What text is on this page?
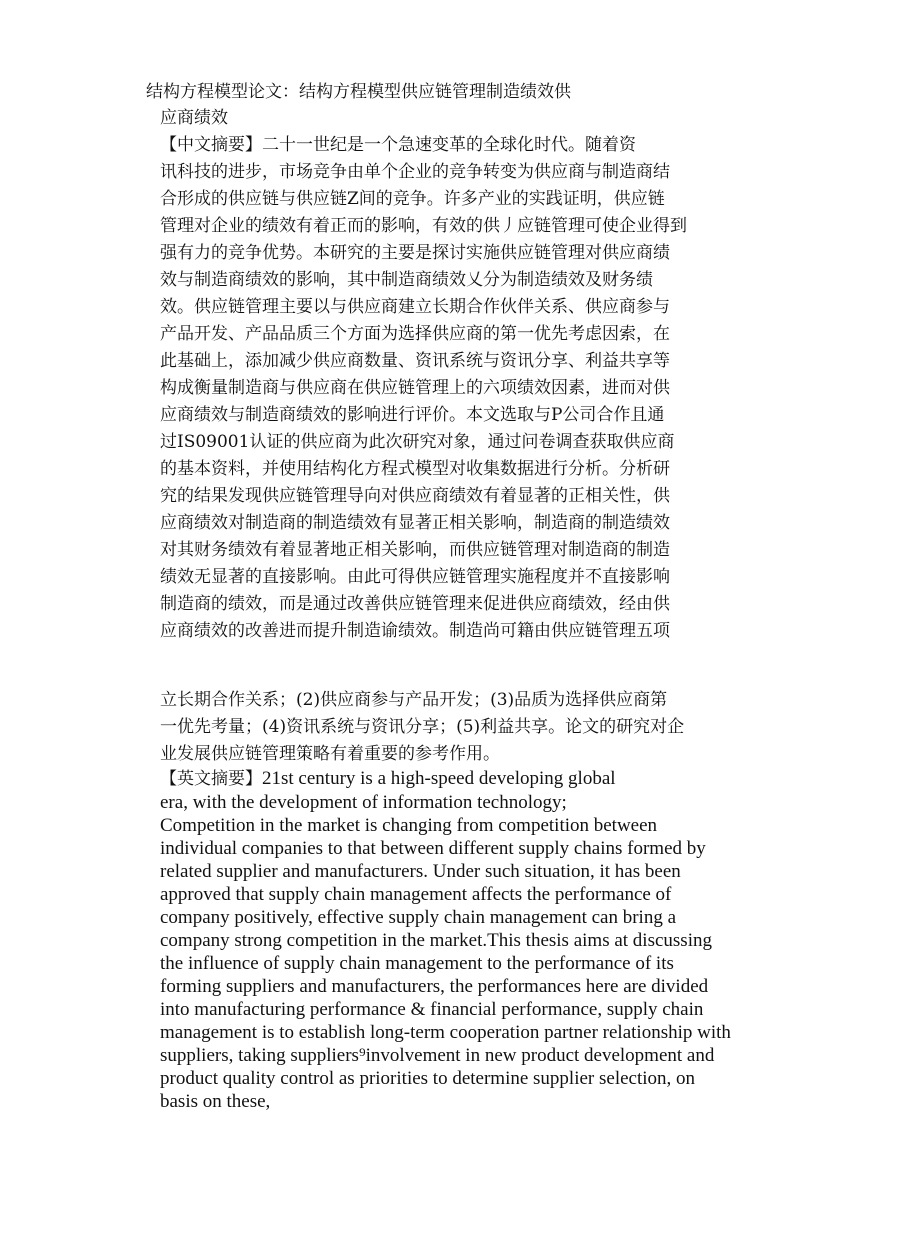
结构方程模型论文：结构方程模型供应链管理制造绩效供
应商绩效
【中文摘要】二十一世纪是一个急速变革的全球化时代。随着资
讯科技的进步，市场竞争由单个企业的竞争转变为供应商与制造商结
合形成的供应链与供应链Z间的竞争。许多产业的实践证明，供应链
管理对企业的绩效有着正而的影响，有效的供丿应链管理可使企业得到
强有力的竞争优势。本研究的主要是探讨实施供应链管理对供应商绩
效与制造商绩效的影响，其中制造商绩效乂分为制造绩效及财务绩
效。供应链管理主要以与供应商建立长期合作伙伴关系、供应商参与
产品开发、产品品质三个方面为选择供应商的第一优先考虑因索，在
此基础上，添加减少供应商数量、资讯系统与资讯分享、利益共享等
构成衡量制造商与供应商在供应链管理上的六项绩效因素，进而对供
应商绩效与制造商绩效的影响进行评价。本文选取与P公司合作且通
过IS09001认证的供应商为此次研究对象，通过问卷调查获取供应商
的基本资料，并使用结构化方程式模型对收集数据进行分析。分析研
究的结果发现供应链管理导向对供应商绩效有着显著的正相关性，供
应商绩效对制造商的制造绩效有显著正相关影响，制造商的制造绩效
对其财务绩效有着显著地正相关影响，而供应链管理对制造商的制造
绩效无显著的直接影响。由此可得供应链管理实施程度并不直接影响
制造商的绩效，而是通过改善供应链管理来促进供应商绩效，经由供
应商绩效的改善进而提升制造谕绩效。制造尚可籍由供应链管理五项
立长期合作关系；(2)供应商参与产品开发；(3)品质为选择供应商第
一优先考量；(4)资讯系统与资讯分享；(5)利益共享。论文的研究对企
业发展供应链管理策略有着重要的参考作用。
【英文摘要】21st century is a high-speed developing global
era, with the development of information technology;
Competition in the market is changing from competition between
individual companies to that between different supply chains formed by
related supplier and manufacturers. Under such situation, it has been
approved that supply chain management affects the performance of
company positively, effective supply chain management can bring a
company strong competition in the market.This thesis aims at discussing
the influence of supply chain management to the performance of its
forming suppliers and manufacturers, the performances here are divided
into manufacturing performance & financial performance, supply chain
management is to establish long-term cooperation partner relationship with
suppliers, taking suppliers⁹involvement in new product development and
product quality control as priorities to determine supplier selection, on
basis on these,
